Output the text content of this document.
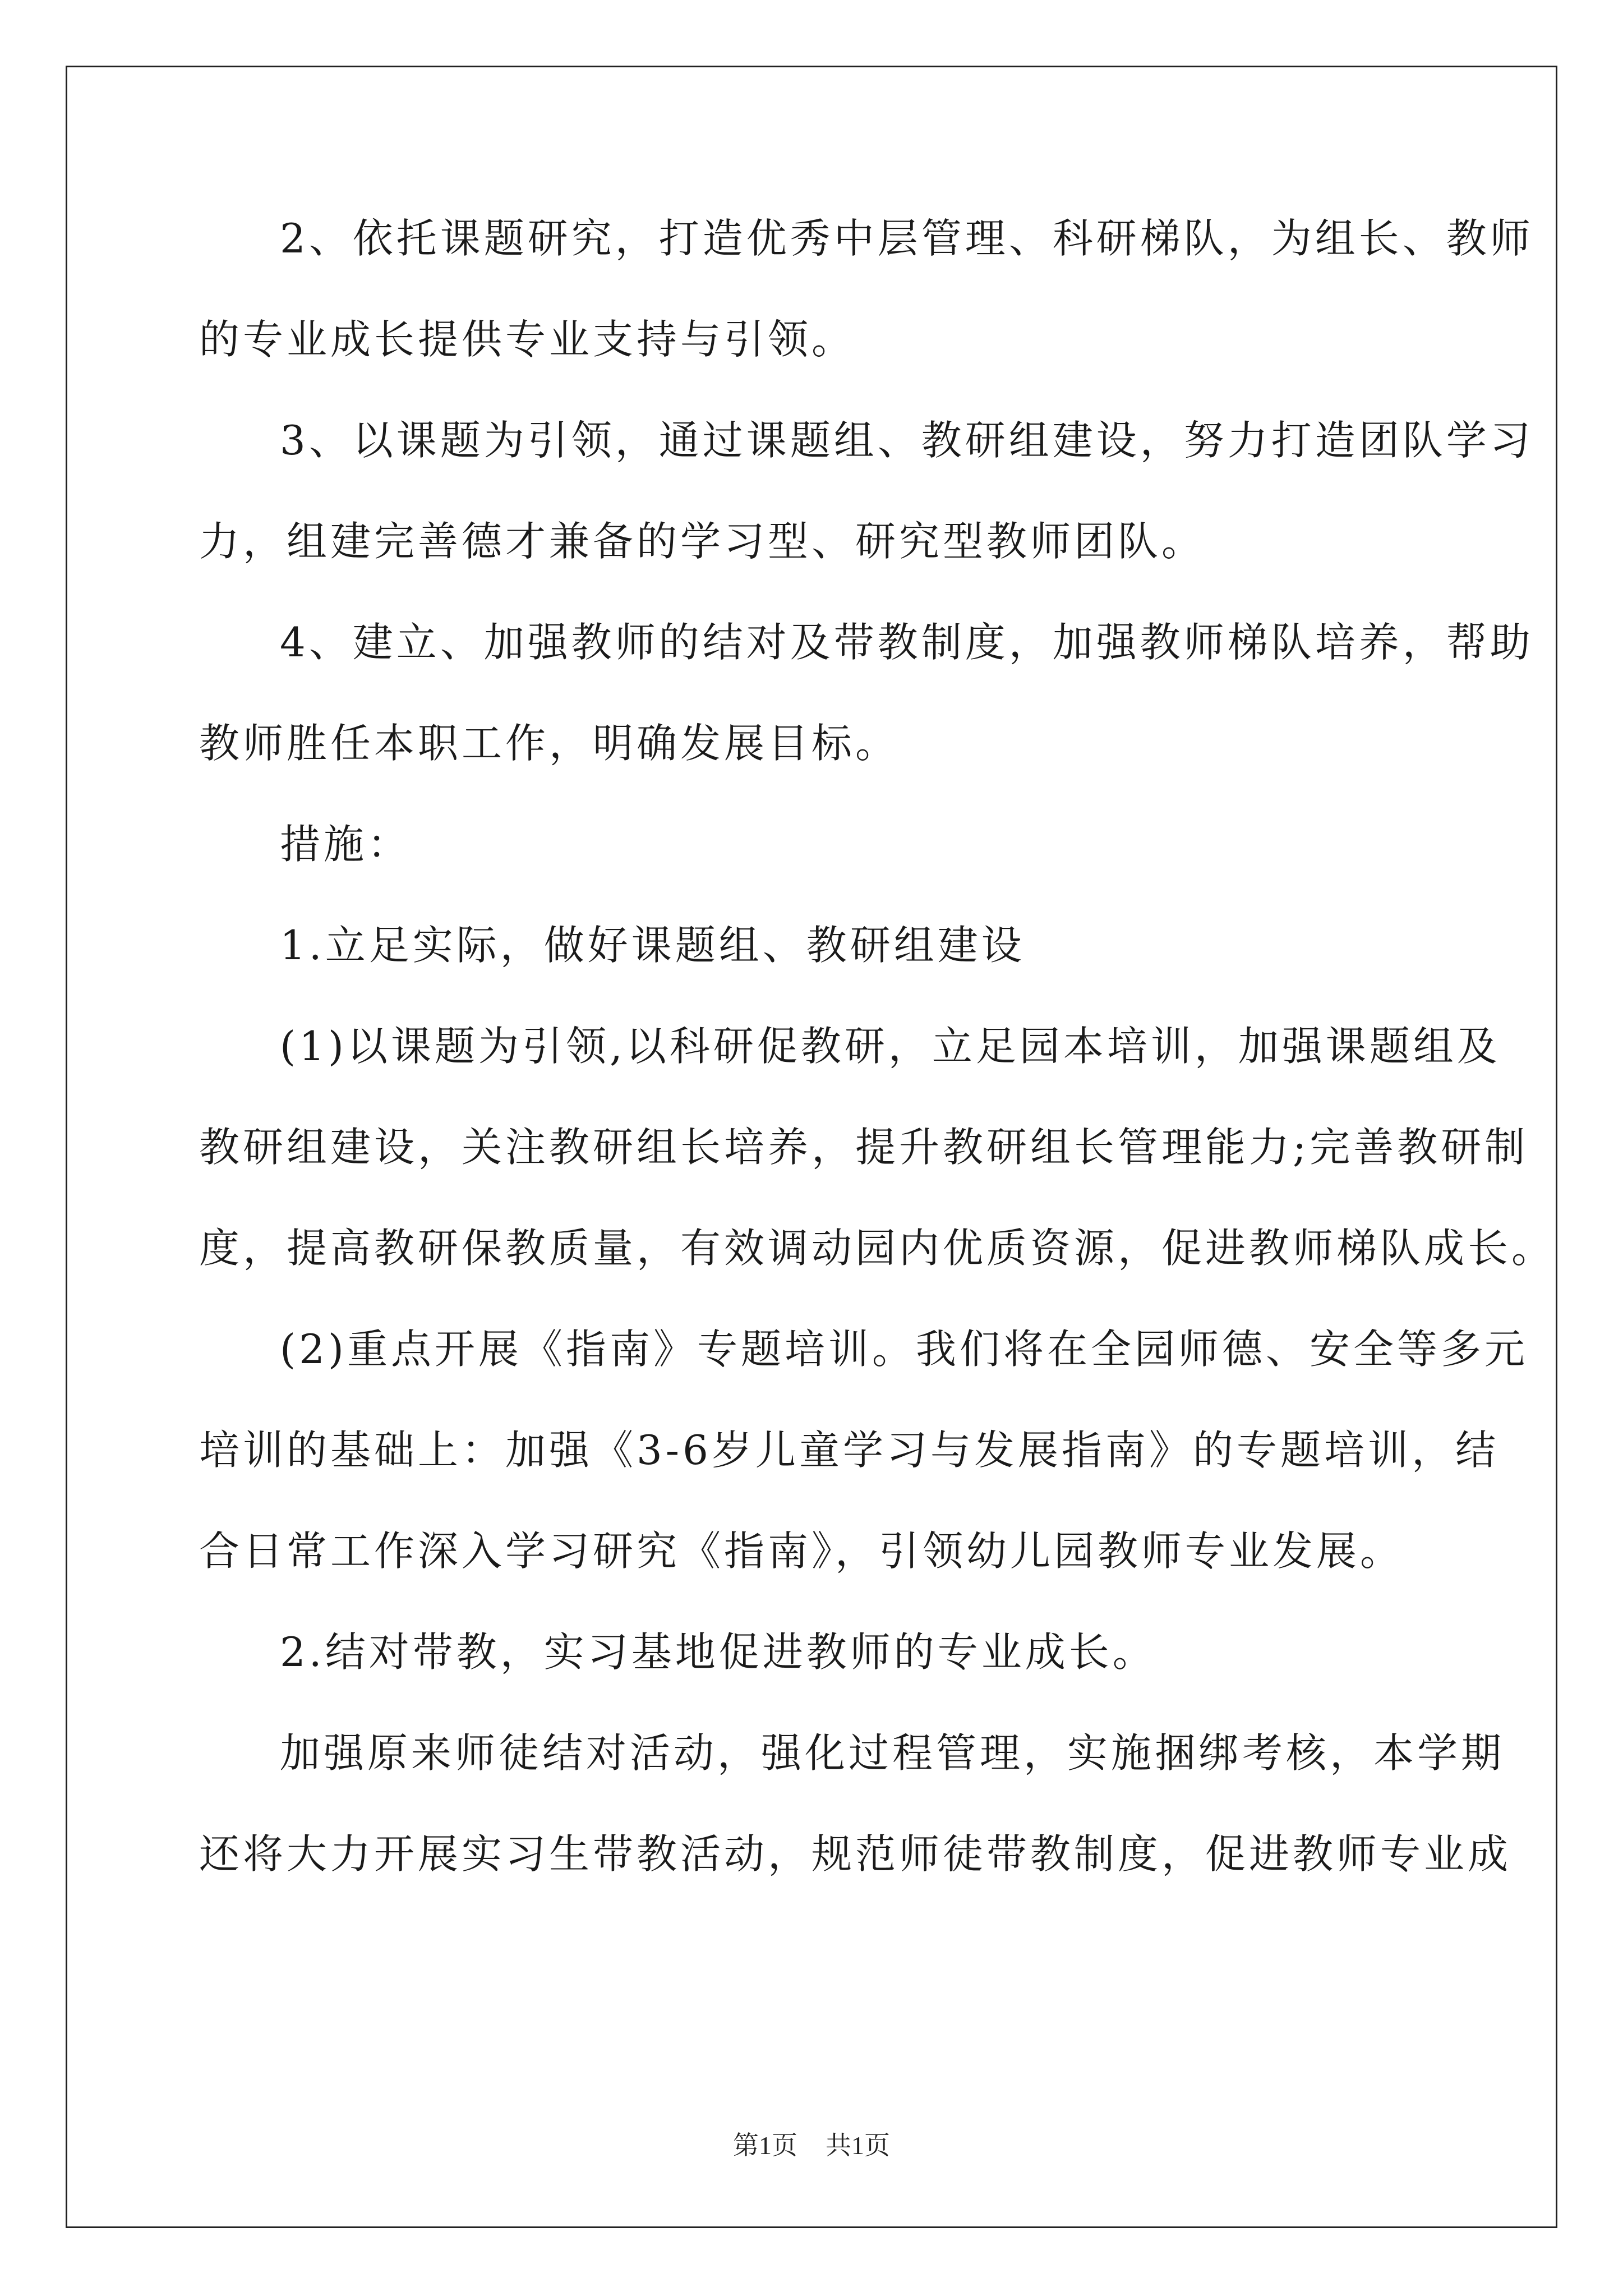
2、依托课题研究，打造优秀中层管理、科研梯队，为组长、教师
的专业成长提供专业支持与引领。
3、以课题为引领，通过课题组、教研组建设，努力打造团队学习
力，组建完善德才兼备的学习型、研究型教师团队。
4、建立、加强教师的结对及带教制度，加强教师梯队培养，帮助
教师胜任本职工作，明确发展目标。
措施：
1.立足实际，做好课题组、教研组建设
(1)以课题为引领,以科研促教研，立足园本培训，加强课题组及
教研组建设，关注教研组长培养，提升教研组长管理能力;完善教研制
度，提高教研保教质量，有效调动园内优质资源，促进教师梯队成长。
(2)重点开展《指南》专题培训。我们将在全园师德、安全等多元
培训的基础上：加强《3-6岁儿童学习与发展指南》的专题培训，结
合日常工作深入学习研究《指南》，引领幼儿园教师专业发展。
2.结对带教，实习基地促进教师的专业成长。
加强原来师徒结对活动，强化过程管理，实施捆绑考核，本学期
还将大力开展实习生带教活动，规范师徒带教制度，促进教师专业成
第1页 共1页
